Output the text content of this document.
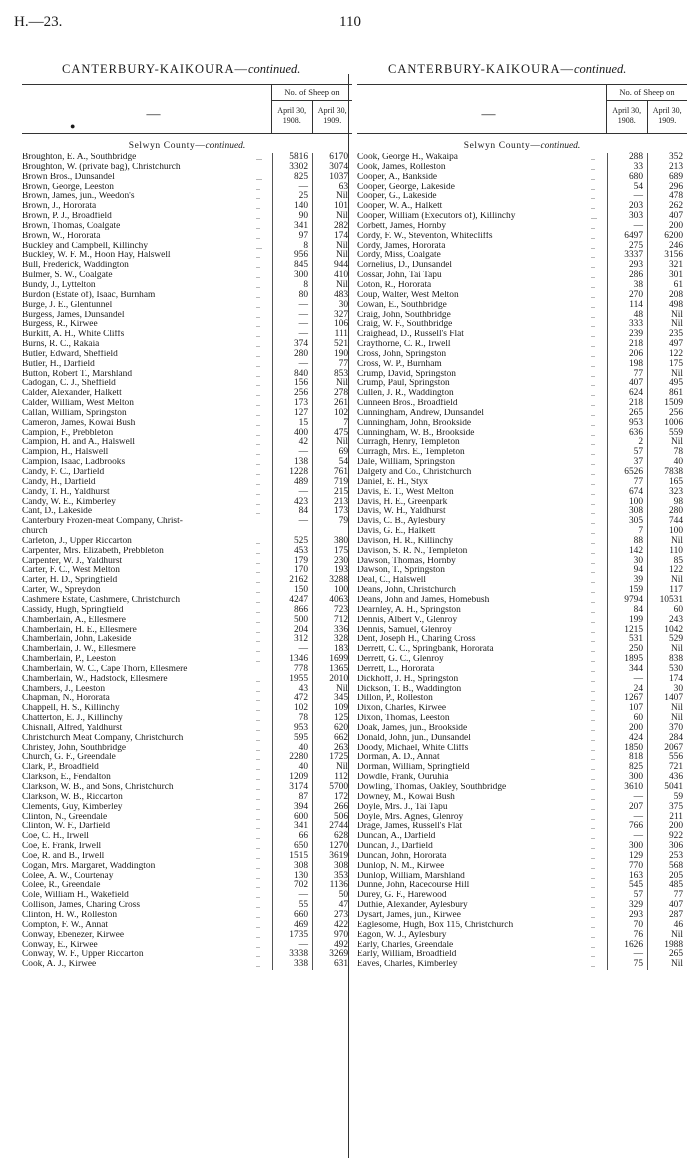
H.—23.	110
CANTERBURY-KAIKOURA—continued.	CANTERBURY-KAIKOURA—continued.
—
●
No. of Sheep on
April 30, 1908.
April 30, 1909.
Selwyn County—continued.
Broughton, E. A., Southbridge	...	5816	6170
Broughton, W. (private bag), Christchurch	3302	3074
Brown Bros., Dunsandel	...	825	1037
Brown, George, Leeston	..	—	63
Brown, James, jun., Weedon's	..	25	Nil
Brown, J., Hororata	..	140	101
Brown, P. J., Broadfield	..	90	Nil
Brown, Thomas, Coalgate	..	341	282
Brown, W., Hororata	..	97	174
Buckley and Campbell, Killinchy	...	8	Nil
Buckley, W. F. M., Hoon Hay, Halswell	..	956	Nil
Bull, Frederick, Waddington	..	845	944
Bulmer, S. W., Coalgate	..	300	410
Bundy, J., Lyttelton	..	8	Nil
Burdon (Estate of), Isaac, Burnham	..	80	483
Burge, J. E., Glentunnel	..	—	30
Burgess, James, Dunsandel	..	—	327
Burgess, R., Kirwee	..	—	106
Burkitt, A. H., White Cliffs	..	—	111
Burns, R. C., Rakaia	..	374	521
Butler, Edward, Sheffield	..	280	190
Butler, H., Darfield	..	—	77
Button, Robert T., Marshland	..	840	853
Cadogan, C. J., Sheffield	..	156	Nil
Calder, Alexander, Halkett	..	256	278
Calder, William, West Melton	..	173	261
Callan, William, Springston	..	127	102
Cameron, James, Kowai Bush	..	15	7
Campion, F., Prebbleton	..	400	475
Campion, H. and A., Halswell	..	42	Nil
Campion, H., Halswell	..	—	69
Campion, Isaac, Ladbrooks	..	138	54
Candy, F. C., Darfield	..	1228	761
Candy, H., Darfield	..	489	719
Candy, T. H., Yaldhurst	..	—	215
Candy, W. E., Kimberley	..	423	213
Cant, D., Lakeside	..	84	173
Canterbury Frozen-meat Company, Christ-	—	79
church
Carleton, J., Upper Riccarton	..	525	380
Carpenter, Mrs. Elizabeth, Prebbleton	..	453	175
Carpenter, W. J., Yaldhurst	..	179	230
Carter, F. C., West Melton	..	170	193
Carter, H. D., Springfield	..	2162	3288
Carter, W., Spreydon	..	150	100
Cashmere Estate, Cashmere, Christchurch	..	4247	4063
Cassidy, Hugh, Springfield	..	866	723
Chamberlain, A., Ellesmere	..	500	712
Chamberlain, H. E., Ellesmere	..	204	336
Chamberlain, John, Lakeside	..	312	328
Chamberlain, J. W., Ellesmere	..	—	183
Chamberlain, P., Leeston	..	1346	1699
Chamberlain, W. C., Cape Thorn, Ellesmere	778	1365
Chamberlain, W., Hadstock, Ellesmere	..	1955	2010
Chambers, J., Leeston	..	43	Nil
Chapman, N., Hororata	..	472	345
Chappell, H. S., Killinchy	..	102	109
Chatterton, E. J., Killinchy	..	78	125
Chisnall, Alfred, Yaldhurst	..	953	620
Christchurch Meat Company, Christchurch	..	595	662
Christey, John, Southbridge	..	40	263
Church, G. F., Greendale	..	2280	1725
Clark, P., Broadfield	..	40	Nil
Clarkson, E., Fendalton	..	1209	112
Clarkson, W. B., and Sons, Christchurch	..	3174	5700
Clarkson, W. B., Riccarton	..	87	172
Clements, Guy, Kimberley	..	394	266
Clinton, N., Greendale	..	600	506
Clinton, W. F., Darfield	..	341	2744
Coe, C. H., Irwell	..	66	628
Coe, E. Frank, Irwell	..	650	1270
Coe, R. and B., Irwell	..	1515	3619
Cogan, Mrs. Margaret, Waddington	..	308	308
Colee, A. W., Courtenay	..	130	353
Colee, R., Greendale	..	702	1136
Cole, William H., Wakefield	..	—	50
Collison, James, Charing Cross	..	55	47
Clinton, H. W., Rolleston	..	660	273
Compton, F. W., Annat	..	469	422
Conway, Ebenezer, Kirwee	..	1735	970
Conway, E., Kirwee	..	—	492
Conway, W. F., Upper Riccarton	..	3338	3269
Cook, A. J., Kirwee	..	338	631
—
No. of Sheep on
April 30, 1908.
April 30, 1909.
Selwyn County—continued.
Cook, George H., Wakaipa	..	288	352
Cook, James, Rolleston	..	33	213
Cooper, A., Bankside	..	680	689
Cooper, George, Lakeside	..	54	296
Cooper, G., Lakeside	..	—	478
Cooper, W. A., Halkett	..	203	262
Cooper, William (Executors of), Killinchy	...	303	407
Corbett, James, Hornby	..	—	200
Cordy, F. W., Steventon, Whitecliffs	..	6497	6200
Cordy, James, Hororata	..	275	246
Cordy, Miss, Coalgate	..	3337	3156
Cornelius, D., Dunsandel	..	293	321
Cossar, John, Tai Tapu	..	286	301
Coton, R., Hororata	..	38	61
Coup, Walter, West Melton	..	270	208
Cowan, E., Southbridge	..	114	498
Craig, John, Southbridge	..	48	Nil
Craig, W. F., Southbridge	..	333	Nil
Craighead, D., Russell's Flat	..	239	235
Craythorne, C. R., Irwell	..	218	497
Cross, John, Springston	..	206	122
Cross, W. P., Burnham	..	198	175
Crump, David, Springston	..	77	Nil
Crump, Paul, Springston	..	407	495
Cullen, J. R., Waddington	..	624	861
Cunneen Bros., Broadfield	..	218	1509
Cunningham, Andrew, Dunsandel	..	265	256
Cunningham, John, Brookside	..	953	1006
Cunningham, W. B., Brookside	..	636	559
Curragh, Henry, Templeton	..	2	Nil
Curragh, Mrs. E., Templeton	..	57	78
Dale, William, Springston	..	37	40
Dalgety and Co., Christchurch	..	6526	7838
Daniel, E. H., Styx	..	77	165
Davis, E. T., West Melton	..	674	323
Davis, H. E., Greenpark	..	100	98
Davis, W. H., Yaldhurst	..	308	280
Davis, C. B., Aylesbury	..	305	744
Davis, G. E., Halkett	..	7	100
Davison, H. R., Killinchy	..	88	Nil
Davison, S. R. N., Templeton	..	142	110
Dawson, Thomas, Hornby	..	30	85
Dawson, T., Springston	..	94	122
Deal, C., Halswell	..	39	Nil
Deans, John, Christchurch	..	159	117
Deans, John and James, Homebush	..	9794	10531
Dearnley, A. H., Springston	..	84	60
Dennis, Albert V., Glenroy	..	199	243
Dennis, Samuel, Glenroy	..	1215	1042
Dent, Joseph H., Charing Cross	..	531	529
Derrett, C. C., Springbank, Hororata	..	250	Nil
Derrett, G. C., Glenroy	..	1895	838
Derrett, L., Hororata	..	344	530
Dickhoff, J. H., Springston	..	—	174
Dickson, T. B., Waddington	..	24	30
Dillon, P., Rolleston	..	1267	1407
Dixon, Charles, Kirwee	..	107	Nil
Dixon, Thomas, Leeston	..	60	Nil
Doak, James, jun., Brookside	..	200	370
Donald, John, jun., Dunsandel	..	424	284
Doody, Michael, White Cliffs	..	1850	2067
Dorman, A. D., Annat	..	818	556
Dorman, William, Springfield	..	825	721
Dowdle, Frank, Ouruhia	..	300	436
Dowling, Thomas, Oakley, Southbridge	..	3610	5041
Downey, M., Kowai Bush	..	—	59
Doyle, Mrs. J., Tai Tapu	..	207	375
Doyle, Mrs. Agnes, Glenroy	..	—	211
Drage, James, Russell's Flat	..	766	200
Duncan, A., Darfield	..	—	922
Duncan, J., Darfield	..	300	306
Duncan, John, Hororata	..	129	253
Dunlop, N. M., Kirwee	..	770	568
Dunlop, William, Marshland	..	163	205
Dunne, John, Racecourse Hill	..	545	485
Durey, G. F., Harewood	..	57	77
Duthie, Alexander, Aylesbury	..	329	407
Dysart, James, jun., Kirwee	..	293	287
Eaglesome, Hugh, Box 115, Christchurch	..	70	46
Eagon, W. J., Aylesbury	..	76	Nil
Early, Charles, Greendale	..	1626	1988
Early, William, Broadfield	..	—	265
Eaves, Charles, Kimberley	..	75	Nil
